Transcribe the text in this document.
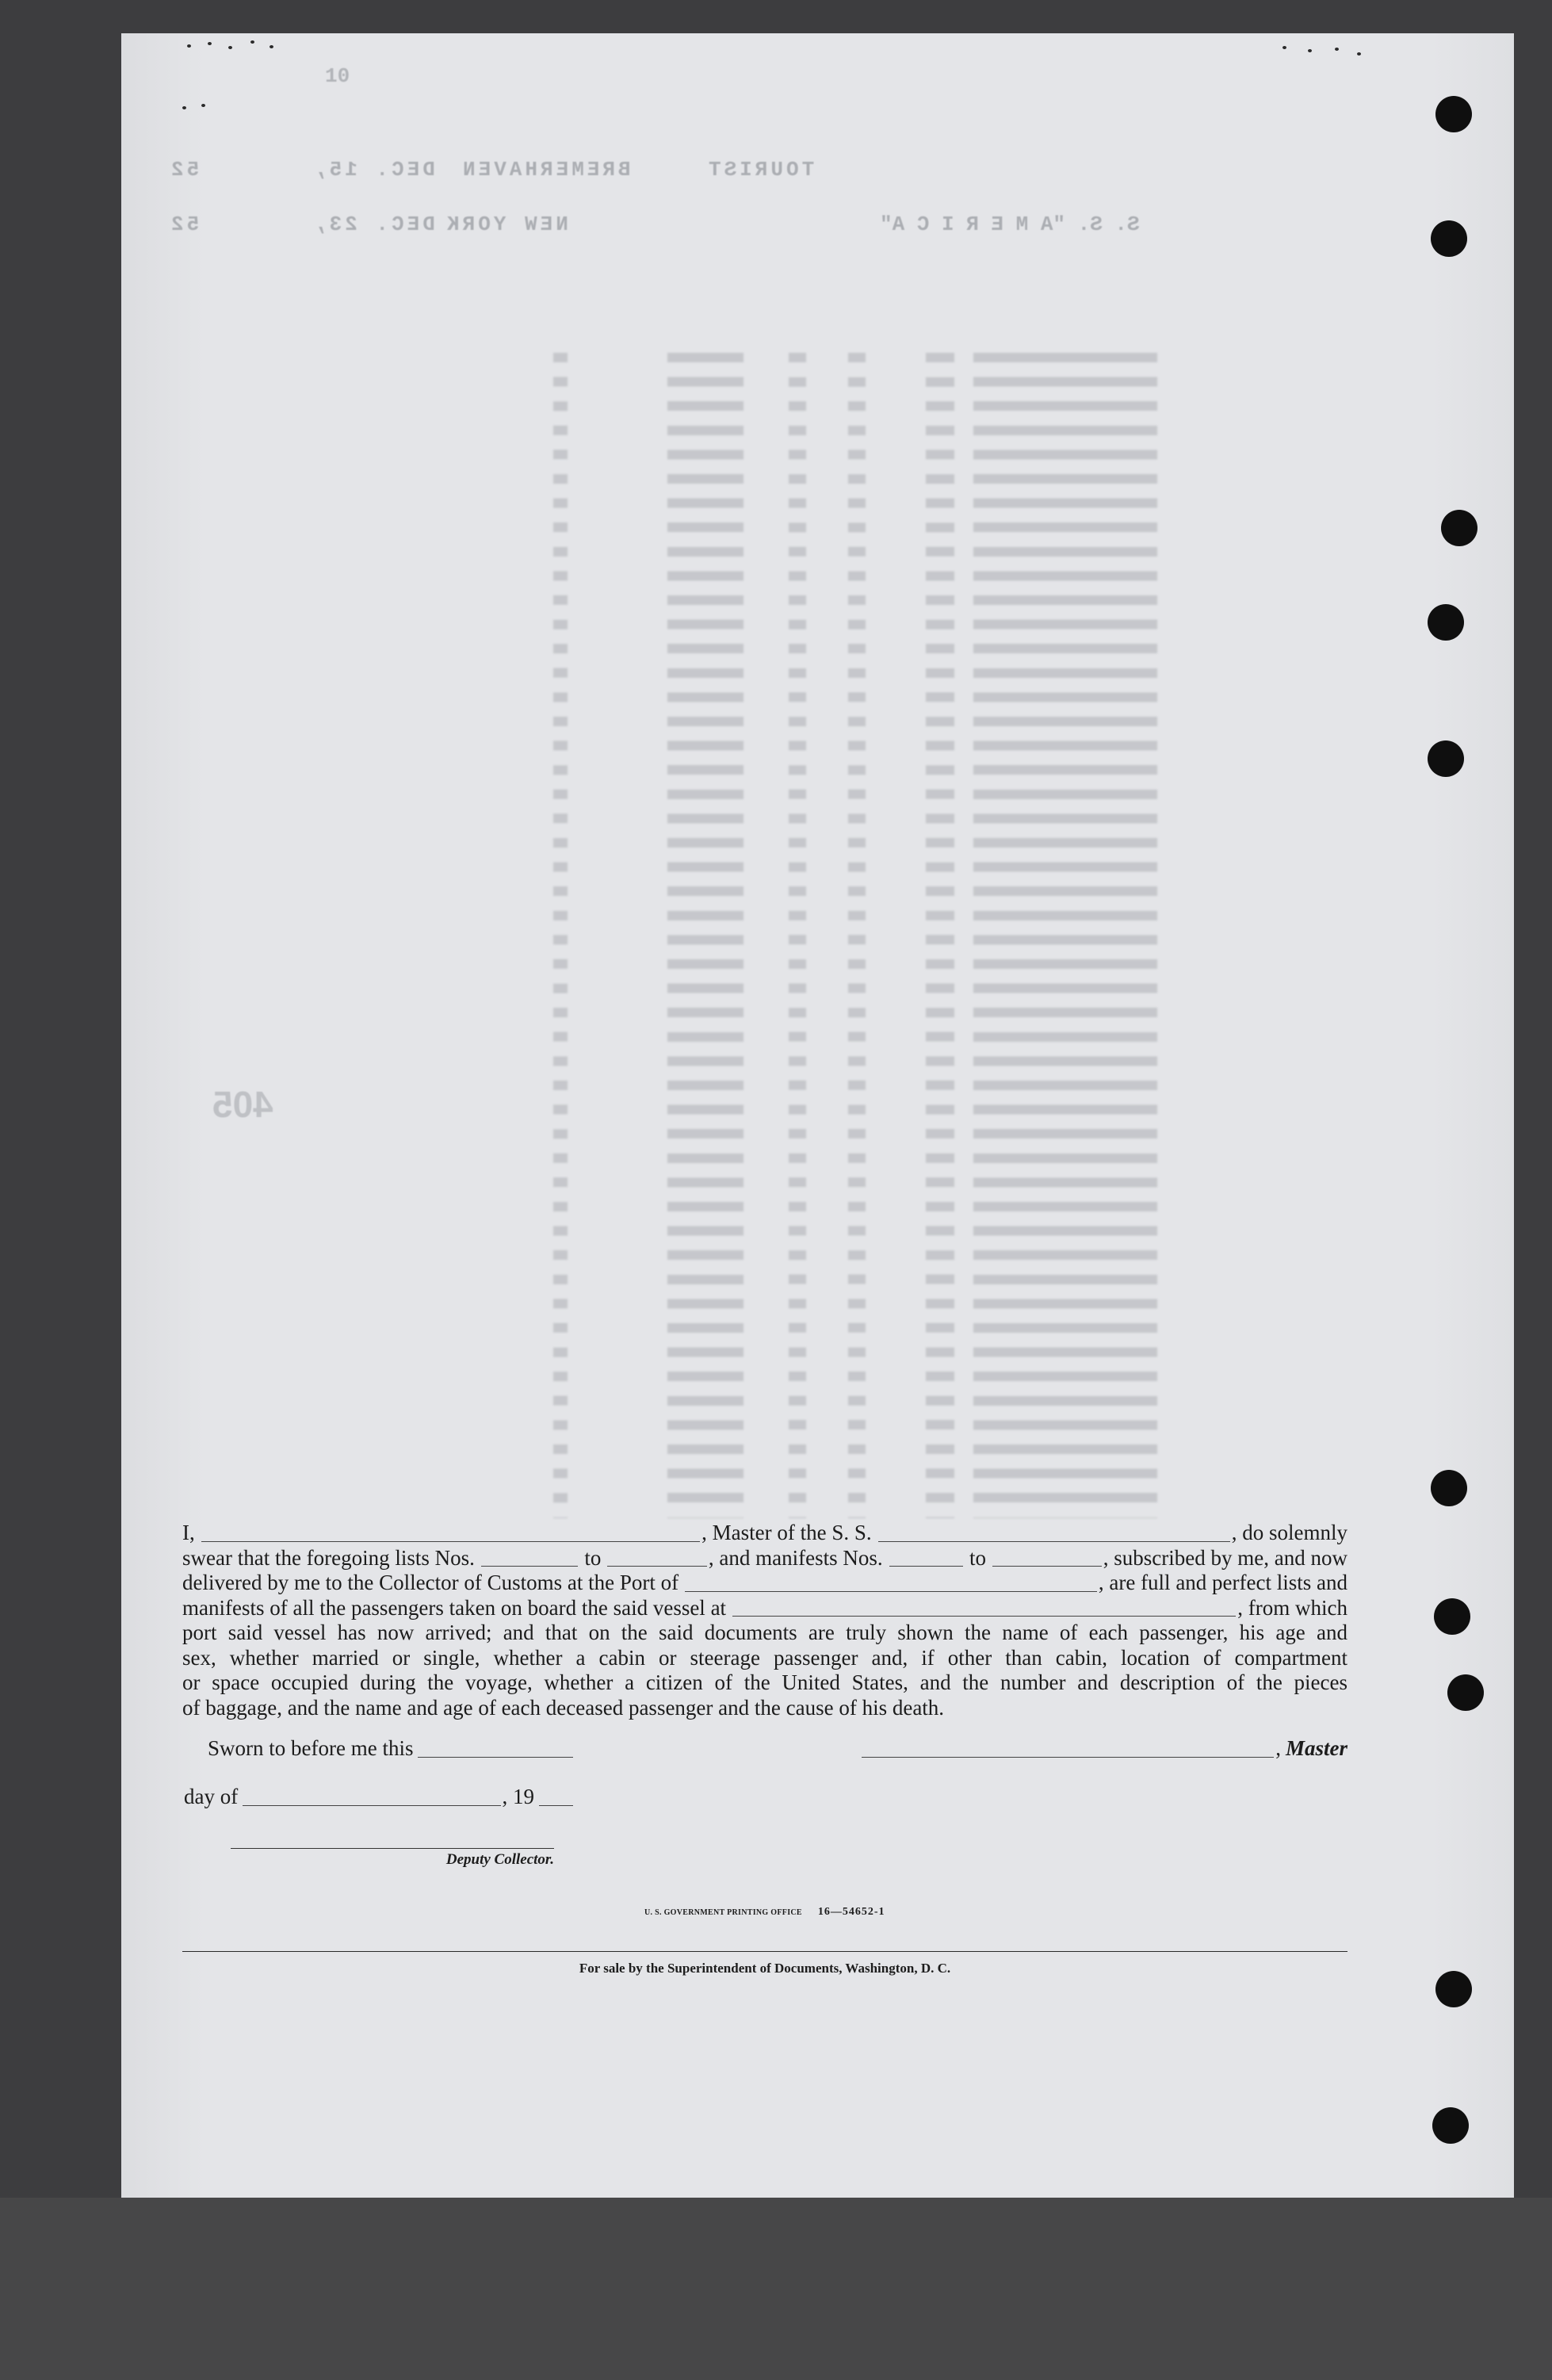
10
52	DEC. 15, BREMERHAVEN	TOURIST
52	DEC. 23, NEW YORK	S. S. "A M E R I C A"
405
I,	, Master of the S. S.	, do solemnly
swear that the foregoing lists Nos.	to	, and manifests Nos.	to	, subscribed by me, and now
delivered by me to the Collector of Customs at the Port of	, are full and perfect lists and
manifests of all the passengers taken on board the said vessel at	, from which
port said vessel has now arrived; and that on the said documents are truly shown the name of each passenger, his age and
sex, whether married or single, whether a cabin or steerage passenger and, if other than cabin, location of compartment
or space occupied during the voyage, whether a citizen of the United States, and the number and description of the pieces
of baggage, and the name and age of each deceased passenger and the cause of his death.
Sworn to before me this	, Master
day of	, 19
Deputy Collector.
U. S. GOVERNMENT PRINTING OFFICE 16—54652-1
For sale by the Superintendent of Documents, Washington, D. C.
